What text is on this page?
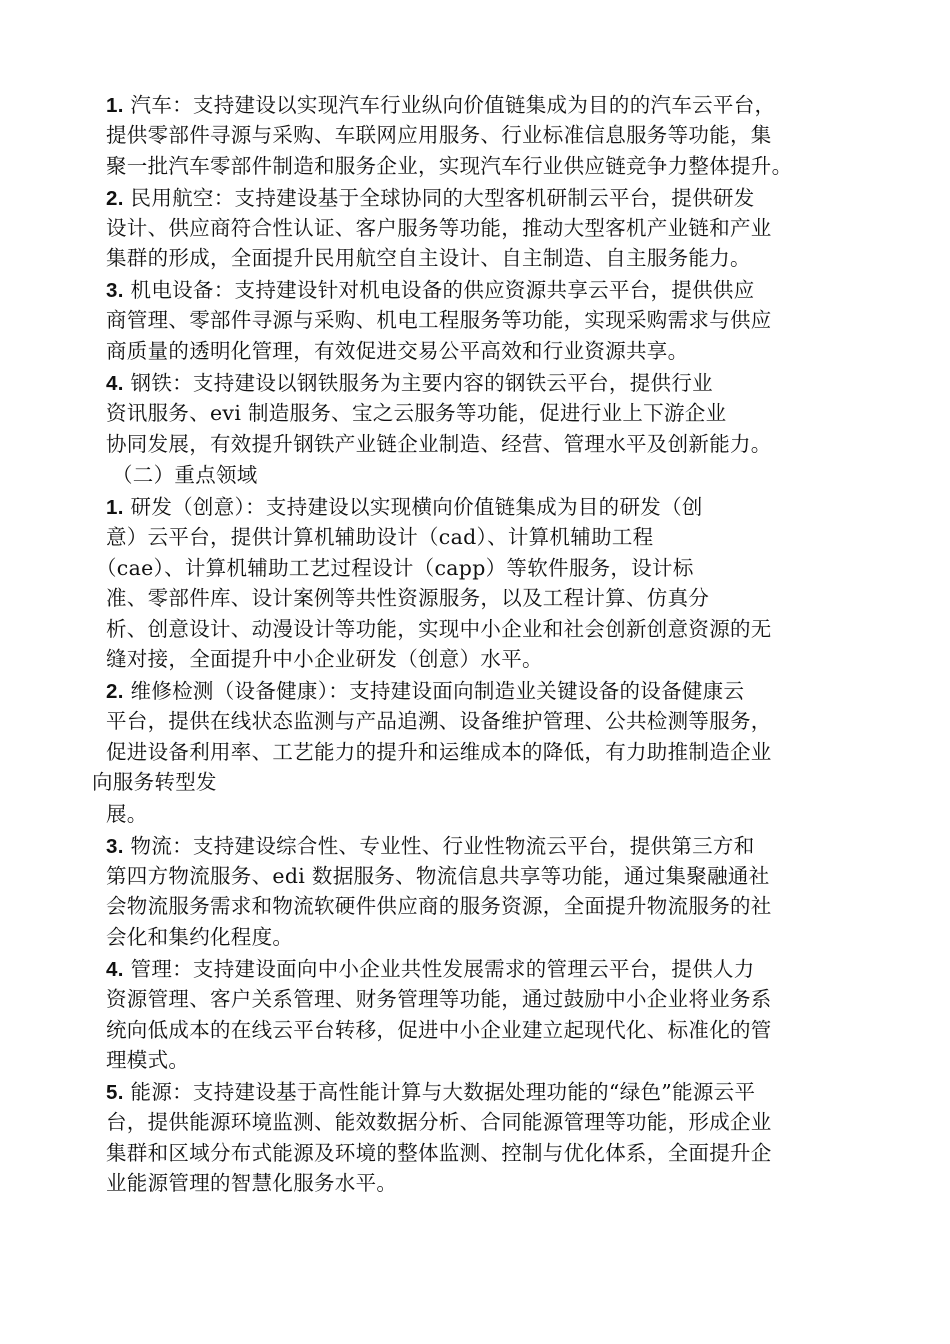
1. 汽车：支持建设以实现汽车行业纵向价值链集成为目的的汽车云平台，
提供零部件寻源与采购、车联网应用服务、行业标准信息服务等功能，集
聚一批汽车零部件制造和服务企业，实现汽车行业供应链竞争力整体提升。
2. 民用航空：支持建设基于全球协同的大型客机研制云平台，提供研发
设计、供应商符合性认证、客户服务等功能，推动大型客机产业链和产业
集群的形成，全面提升民用航空自主设计、自主制造、自主服务能力。
3. 机电设备：支持建设针对机电设备的供应资源共享云平台，提供供应
商管理、零部件寻源与采购、机电工程服务等功能，实现采购需求与供应
商质量的透明化管理，有效促进交易公平高效和行业资源共享。
4. 钢铁：支持建设以钢铁服务为主要内容的钢铁云平台，提供行业
资讯服务、evi 制造服务、宝之云服务等功能，促进行业上下游企业
协同发展，有效提升钢铁产业链企业制造、经营、管理水平及创新能力。
（二）重点领域
1. 研发（创意）：支持建设以实现横向价值链集成为目的研发（创
意）云平台，提供计算机辅助设计（cad）、计算机辅助工程
（cae）、计算机辅助工艺过程设计（capp）等软件服务，设计标
准、零部件库、设计案例等共性资源服务，以及工程计算、仿真分
析、创意设计、动漫设计等功能，实现中小企业和社会创新创意资源的无
缝对接，全面提升中小企业研发（创意）水平。
2. 维修检测（设备健康）：支持建设面向制造业关键设备的设备健康云
平台，提供在线状态监测与产品追溯、设备维护管理、公共检测等服务，
促进设备利用率、工艺能力的提升和运维成本的降低，有力助推制造企业
向服务转型发
展。
3. 物流：支持建设综合性、专业性、行业性物流云平台，提供第三方和
第四方物流服务、edi 数据服务、物流信息共享等功能，通过集聚融通社
会物流服务需求和物流软硬件供应商的服务资源，全面提升物流服务的社
会化和集约化程度。
4. 管理：支持建设面向中小企业共性发展需求的管理云平台，提供人力
资源管理、客户关系管理、财务管理等功能，通过鼓励中小企业将业务系
统向低成本的在线云平台转移，促进中小企业建立起现代化、标准化的管
理模式。
5. 能源：支持建设基于高性能计算与大数据处理功能的“绿色”能源云平
台，提供能源环境监测、能效数据分析、合同能源管理等功能，形成企业
集群和区域分布式能源及环境的整体监测、控制与优化体系，全面提升企
业能源管理的智慧化服务水平。
